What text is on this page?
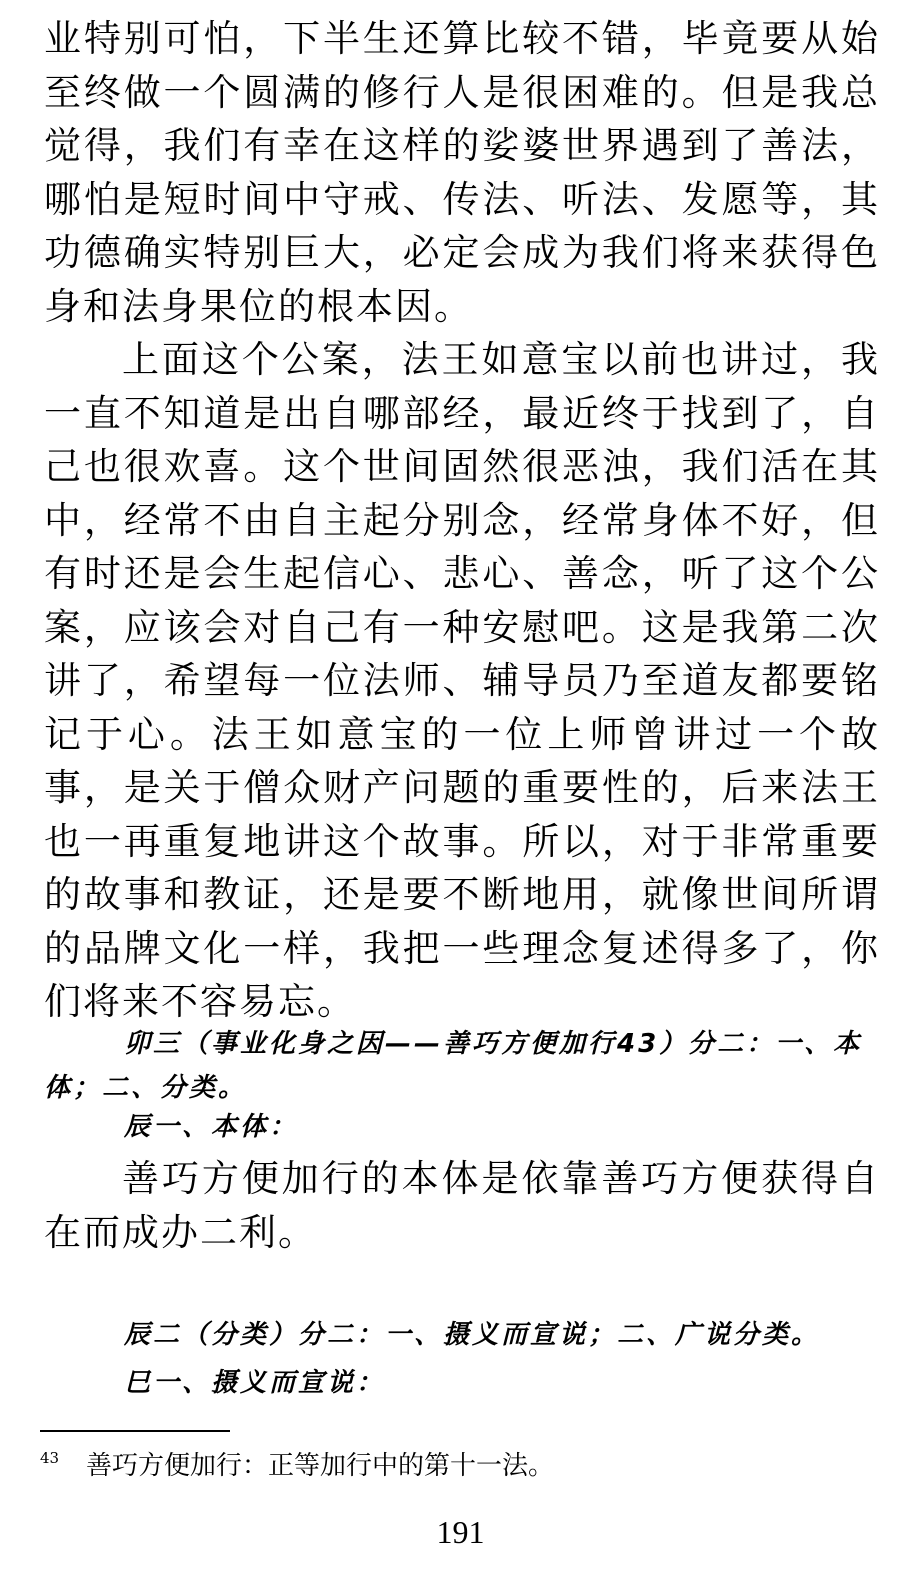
业特别可怕，下半生还算比较不错，毕竟要从始至终做一个圆满的修行人是很困难的。但是我总觉得，我们有幸在这样的娑婆世界遇到了善法，哪怕是短时间中守戒、传法、听法、发愿等，其功德确实特别巨大，必定会成为我们将来获得色身和法身果位的根本因。

上面这个公案，法王如意宝以前也讲过，我一直不知道是出自哪部经，最近终于找到了，自己也很欢喜。这个世间固然很恶浊，我们活在其中，经常不由自主起分别念，经常身体不好，但有时还是会生起信心、悲心、善念，听了这个公案，应该会对自己有一种安慰吧。这是我第二次讲了，希望每一位法师、辅导员乃至道友都要铭记于心。法王如意宝的一位上师曾讲过一个故事，是关于僧众财产问题的重要性的，后来法王也一再重复地讲这个故事。所以，对于非常重要的故事和教证，还是要不断地用，就像世间所谓的品牌文化一样，我把一些理念复述得多了，你们将来不容易忘。

卯三（事业化身之因——善巧方便加行43）分二：一、本体；二、分类。

辰一、本体：

善巧方便加行的本体是依靠善巧方便获得自在而成办二利。

辰二（分类）分二：一、摄义而宣说；二、广说分类。

巳一、摄义而宣说：

43 善巧方便加行：正等加行中的第十一法。

191
